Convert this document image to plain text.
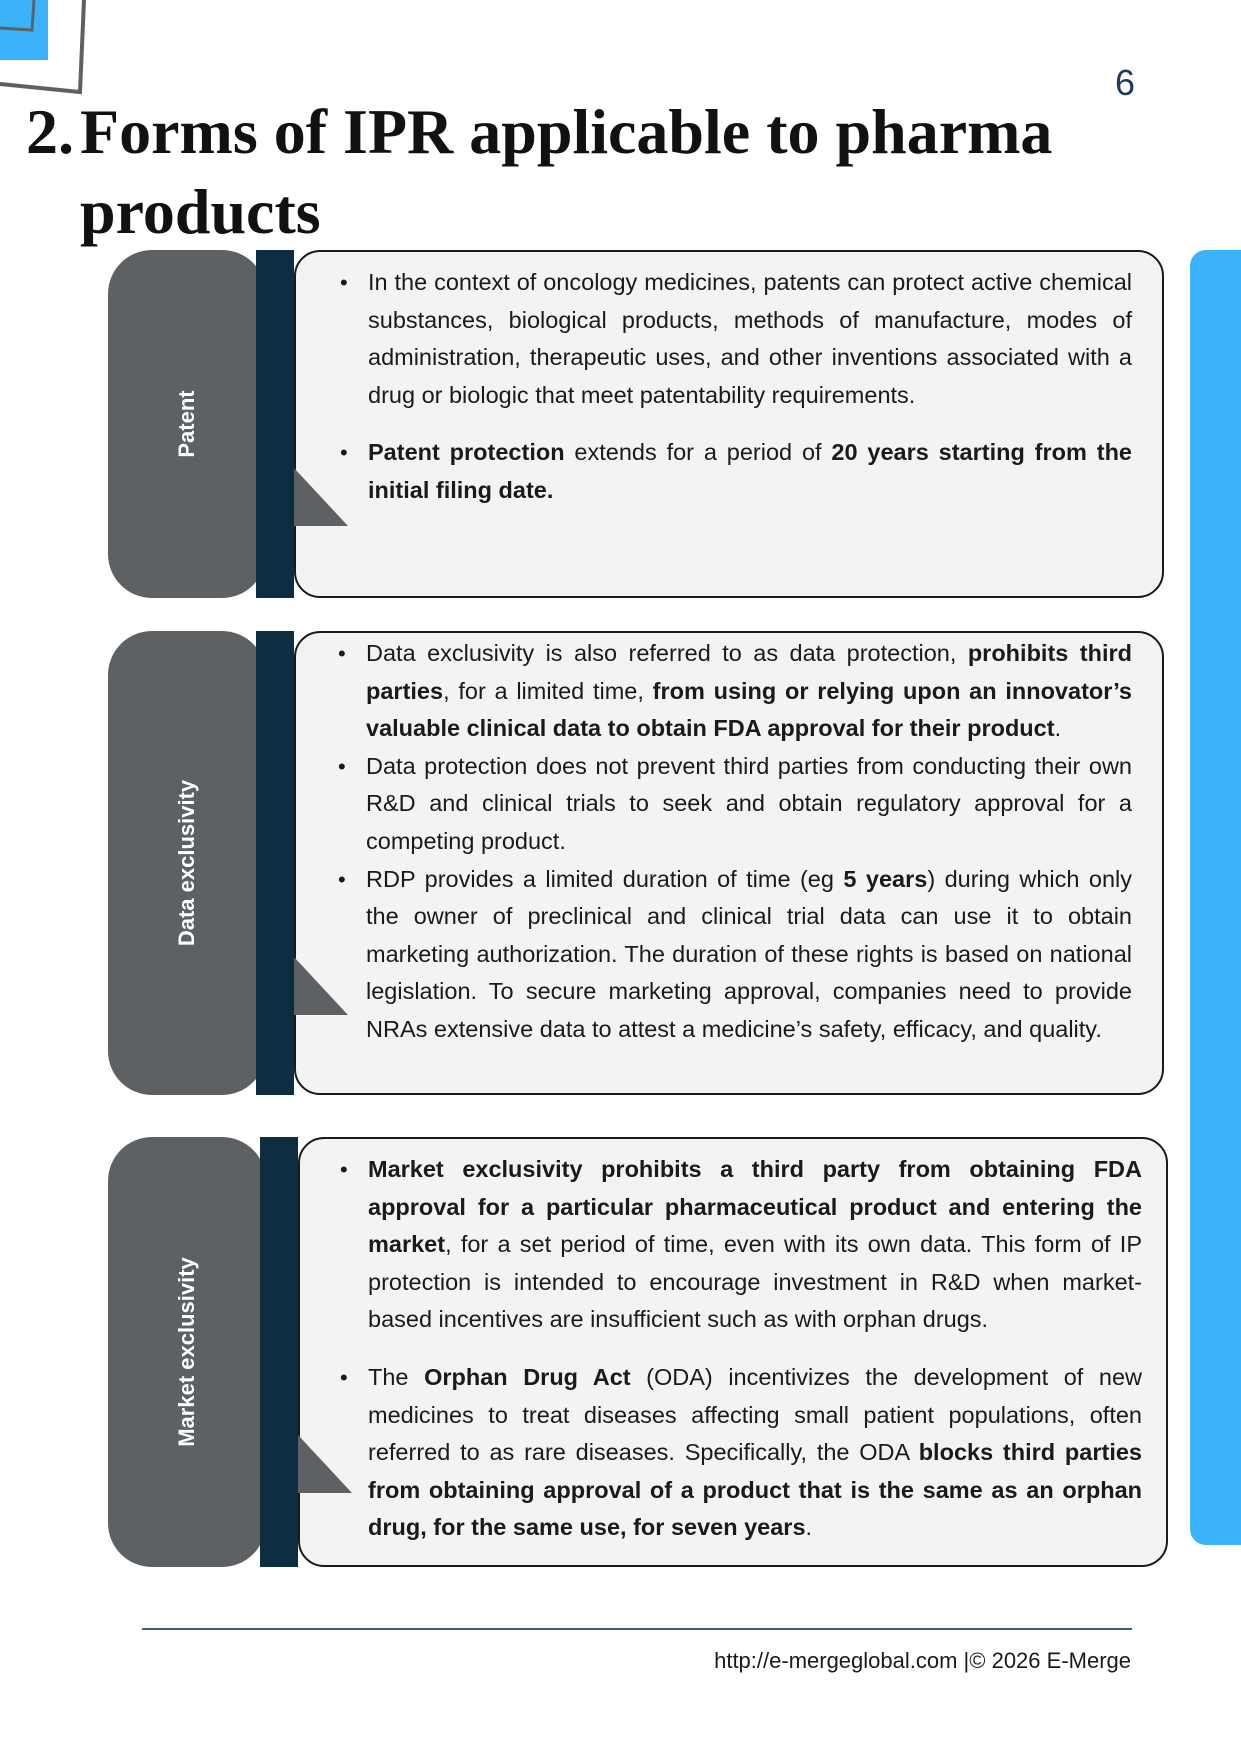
6
2.Forms of IPR applicable to pharma
products
Patent
• In the context of oncology medicines, patents can protect active chemical substances, biological products, methods of manufacture, modes of administration, therapeutic uses, and other inventions associated with a drug or biologic that meet patentability requirements.
• Patent protection extends for a period of 20 years starting from the initial filing date.
Data exclusivity
• Data exclusivity is also referred to as data protection, prohibits third parties, for a limited time, from using or relying upon an innovator’s valuable clinical data to obtain FDA approval for their product.
• Data protection does not prevent third parties from conducting their own R&D and clinical trials to seek and obtain regulatory approval for a competing product.
• RDP provides a limited duration of time (eg 5 years) during which only the owner of preclinical and clinical trial data can use it to obtain marketing authorization. The duration of these rights is based on national legislation. To secure marketing approval, companies need to provide NRAs extensive data to attest a medicine’s safety, efficacy, and quality.
Market exclusivity
• Market exclusivity prohibits a third party from obtaining FDA approval for a particular pharmaceutical product and entering the market, for a set period of time, even with its own data. This form of IP protection is intended to encourage investment in R&D when market-based incentives are insufficient such as with orphan drugs.
• The Orphan Drug Act (ODA) incentivizes the development of new medicines to treat diseases affecting small patient populations, often referred to as rare diseases. Specifically, the ODA blocks third parties from obtaining approval of a product that is the same as an orphan drug, for the same use, for seven years.
http://e-mergeglobal.com |© 2026 E-Merge
